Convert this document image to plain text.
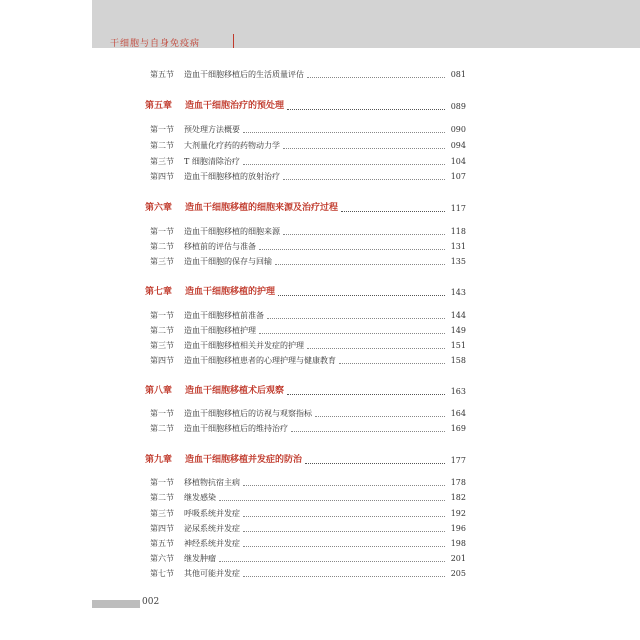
干细胞与自身免疫病
第五节	造血干细胞移植后的生活质量评估	081
第五章	造血干细胞治疗的预处理	089
第一节	预处理方法概要	090
第二节	大剂量化疗药的药物动力学	094
第三节	T 细胞清除治疗	104
第四节	造血干细胞移植的放射治疗	107
第六章	造血干细胞移植的细胞来源及治疗过程	117
第一节	造血干细胞移植的细胞来源	118
第二节	移植前的评估与准备	131
第三节	造血干细胞的保存与回输	135
第七章	造血干细胞移植的护理	143
第一节	造血干细胞移植前准备	144
第二节	造血干细胞移植护理	149
第三节	造血干细胞移植相关并发症的护理	151
第四节	造血干细胞移植患者的心理护理与健康教育	158
第八章	造血干细胞移植术后观察	163
第一节	造血干细胞移植后的访视与观察指标	164
第二节	造血干细胞移植后的维持治疗	169
第九章	造血干细胞移植并发症的防治	177
第一节	移植物抗宿主病	178
第二节	继发感染	182
第三节	呼吸系统并发症	192
第四节	泌尿系统并发症	196
第五节	神经系统并发症	198
第六节	继发肿瘤	201
第七节	其他可能并发症	205
002
